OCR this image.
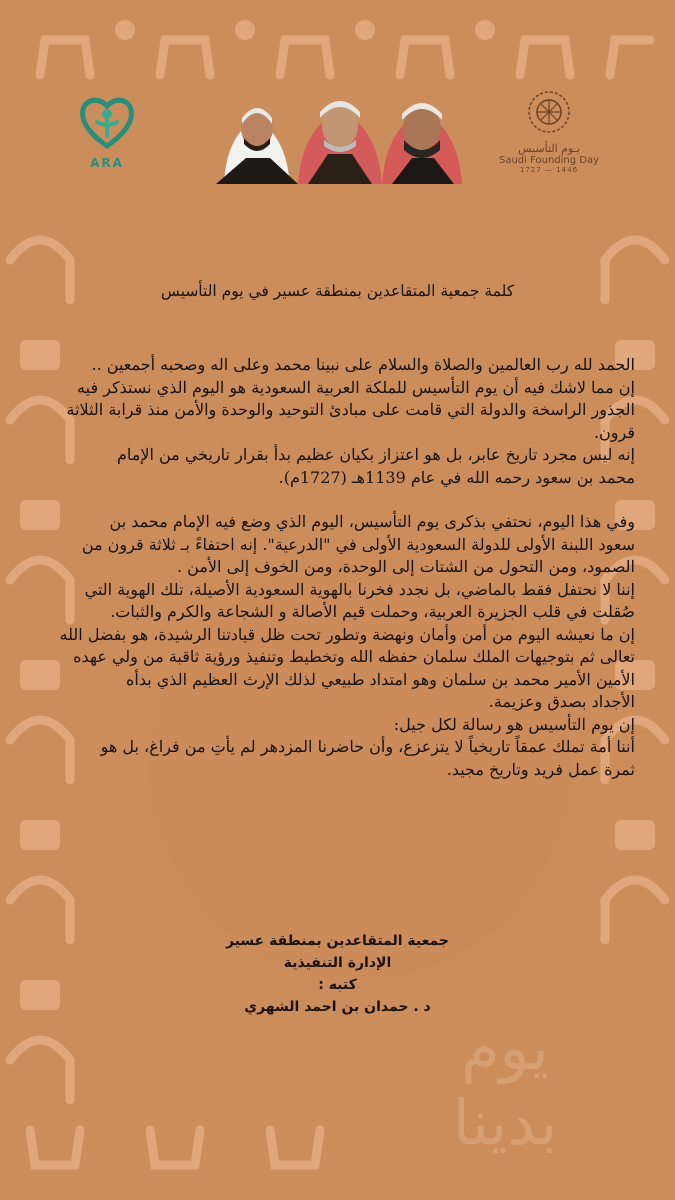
يوم
بدينا
ARA
يـوم التأسيس
Saudi Founding Day
1727 — 1446
كلمة جمعية المتقاعدين بمنطقة عسير في يوم التأسيس

الحمد لله رب العالمين والصلاة والسلام على نبينا محمد وعلى اله وصحبه أجمعين ..

إن مما لاشك فيه أن يوم التأسيس للملكة العربية السعودية هو اليوم الذي نستذكر فيه

الجذور الراسخة والدولة التي قامت على مبادئ التوحيد والوحدة والأمن منذ قرابة الثلاثة

قرون.

إنه ليس مجرد تاريخ عابر، بل هو اعتزاز بكيان عظيم بدأ بقرار تاريخي من الإمام

محمد بن سعود رحمه الله في عام 1139هـ (1727م).

وفي هذا اليوم، نحتفي بذكرى يوم التأسيس، اليوم الذي وضع فيه الإمام محمد بن

سعود اللبنة الأولى للدولة السعودية الأولى في "الدرعية". إنه احتفاءً بـ ثلاثة قرون من

الصمود، ومن التحول من الشتات إلى الوحدة، ومن الخوف إلى الأمن .

إننا لا نحتفل فقط بالماضي، بل نجدد فخرنا بالهوية السعودية الأصيلة، تلك الهوية التي

صُقلت في قلب الجزيرة العربية، وحملت قيم الأصالة و الشجاعة والكرم والثبات.

إن ما نعيشه اليوم من أمن وأمان ونهضة وتطور تحت ظل قيادتنا الرشيدة، هو بفضل الله

تعالى ثم بتوجيهات الملك سلمان حفظه الله وتخطيط وتنفيذ ورؤية ثاقبة من ولي عهده

الأمين الأمير محمد بن سلمان وهو امتداد طبيعي لذلك الإرث العظيم الذي بدأه

الأجداد بصدق وعزيمة.

إن يوم التأسيس هو رسالة لكل جيل:

أننا أمة تملك عمقاً تاريخياً لا يتزعزع، وأن حاضرنا المزدهر لم يأتِ من فراغ، بل هو

ثمرة عمل فريد وتاريخ مجيد.

جمعية المتقاعدين بمنطقة عسير

الإدارة التنفيذية

كتبه :

د . حمدان بن احمد الشهري
